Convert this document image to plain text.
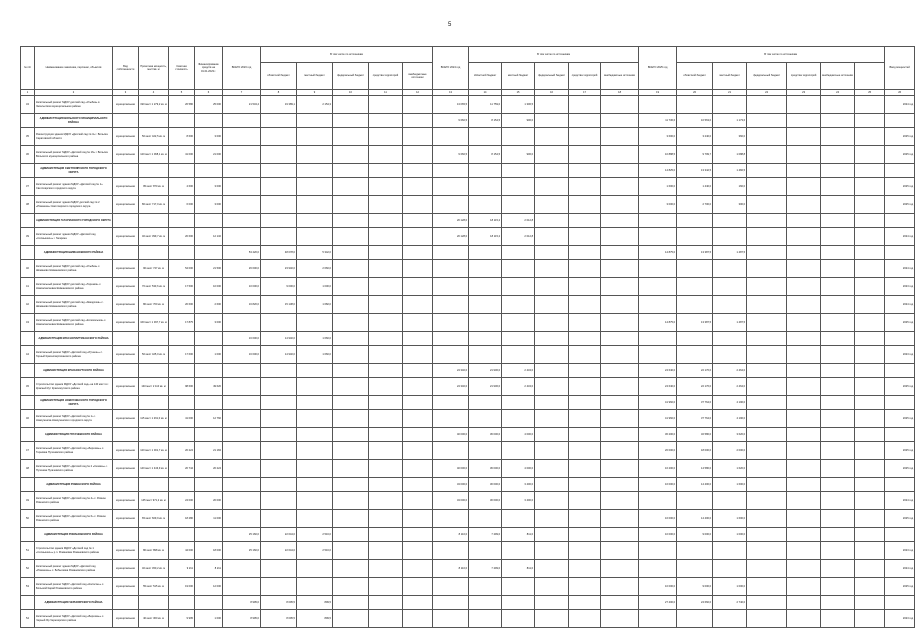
5
№ п/п	Наименование заказчика, персонал, объектов	Вид собственности	Проектная мощность, мест/кв. м	Сметная стоимость	Финансирование средств на 01.01.2023 г.	ВСЕГО 2023 год	В том числе по источникам					ВСЕГО 2024 год	В том числе по источникам					ВСЕГО 2025 год	В том числе по источникам						Ввод мощностей
							областной бюджет	местный бюджет	федеральный бюджет	средства территорий	внебюджетные источники		областной бюджет	местный бюджет	федеральный бюджет	средства территорий	внебюджетные источники		областной бюджет	местный бюджет	федеральный бюджет	средства территорий	внебюджетные источники		
1	2	3	4	5	6	7	8	9	10	11	12	13	14	15	16	17	18	19	20	21	22	23	24	25	26
34	Капитальный ремонт МДОУ детский сад «Улыбка» в Энгельсском муниципальном районе	муниципальная	190 мест 1 279,2 кв. м	26 580	25 000	21 543,4	19 389,1	2 154,3				13 065,5	11 759,0	1 306,5											2024 год
	АДМИНИСТРАЦИЯ ВОЛЬСКОГО МУНИЦИПАЛЬНОГО РАЙОНА											9 060,5	8 154,5	906,0				11 736,6	10 563,0	1 173,6					
35	Реконструкция здания МДОУ «Детский сад № 3» г. Вольска Саратовской области	муниципальная	50 мест 422,5 кв. м	8 600	3 000													3 600,0	3 240,0	360,0					2025 год
36	Капитальный ремонт МДОУ «Детский сад № 16» г. Вольска Вольского муниципального района	муниципальная	120 мест 1 068,1 кв. м	41 000	21 000							9 060,5	8 154,5	906,0				10 888,5	9 799,7	1 088,8					2025 год
	АДМИНИСТРАЦИЯ СВЕТЛОЯРСКОГО ГОРОДСКОГО ОКРУГА																	14 825,0	13 342,5	1 482,5					
37	Капитальный ремонт здания МДОУ «Детский сад № 1» Светлоярского городского округа	муниципальная	95 мест 870 кв. м	4 600	3 000													1 600,0	1 440,0	160,0					2025 год
38	Капитальный ремонт здания МДОУ детский сад № 2 «Ромашка» Светлоярского городского округа	муниципальная	80 мест 717,0 кв. м	6 000	3 000													3 000,0	2 700,0	300,0					2025 год
	АДМИНИСТРАЦИЯ ГАГАРИНСКОГО ГОРОДСКОГО ОКРУГА											20 128,0	18 115,2	2 012,8											
39	Капитальный ремонт здания МДОУ «Детский сад «Солнышко»» г. Гагарина	муниципальная	40 мест 399,7 кв. м	20 600	12 132							20 128,0	18 115,2	2 012,8											2024 год
	АДМИНИСТРАЦИЯ ШИМАНОВСКОГО РАЙОНА					53 420,0	48 078,0	5 342,0										14 875,0	13 387,5	1 487,5					
40	Капитальный ремонт МДОУ детский сад «Улыбка» с. Шиманово Шимановского района	муниципальная	90 мест 747 кв. м	54 000	21 500	26 600,0	23 940,0	2 660,0																	2024 год
41	Капитальный ремонт МДОУ детский сад «Теремок» с. Новоалексеевка Шимановского района	муниципальная	70 мест 533,6 кв. м	17 500	10 000	10 000,0	9 000,0	1 000,0																	2023 год
42	Капитальный ремонт МДОУ детский сад «Звездочка» с. Шиманово Шимановского района	муниципальная	80 мест 700 кв. м	20 600	2 600	16 820,0	15 138,0	1 682,0																	2024 год
43	Капитальный ремонт МДОУ детский сад «Колокольчик» с. Новоалексеевка Шимановского района	муниципальная	160 мест 1 397,7 кв. м	17 875	3 000													14 875,0	13 387,5	1 487,5					2025 год
	АДМИНИСТРАЦИЯ КРАСНОПАРТИЗАНСКОГО РАЙОНА					16 600,0	14 940,0	1 660,0																	
44	Капитальный ремонт МДОУ «Детский сад «Ручеек»» с. Горный Краснопартизанского района	муниципальная	50 мест 425,0 кв. м	17 600	1 000	16 600,0	14 940,0	1 660,0																	2023 год
	АДМИНИСТРАЦИЯ КРАСНОКУТСКОГО РАЙОНА											24 340,0	21 906,0	2 434,0				24 640,0	22 176,0	2 464,0					
45	Строительство здания МДОУ «Детский сад» на 140 мест в г. Красный Кут Краснокутского района	муниципальная	140 мест 2 110 кв. м	98 600	49 620							24 340,0	21 906,0	2 434,0				24 640,0	22 176,0	2 464,0					2025 год
	АДМИНИСТРАЦИЯ НОВОУЗЕНСКОГО ГОРОДСКОГО ОКРУГА																	41 960,0	37 764,0	4 196,0					
46	Капитальный ремонт МДОУ «Детский сад № 1» г. Новоузенска Новоузенского городского округа	муниципальная	115 мест 1 261,0 кв. м	41 000	12 760													41 960,0	37 764,0	4 196,0					2025 год
	АДМИНИСТРАЦИЯ ПУГАЧЕВСКОГО РАЙОНА											40 000,0	36 000,0	4 000,0				36 200,0	32 580,0	3 620,0					
47	Капитальный ремонт МДОУ «Детский сад «Березка»» с. Терновка Пугачевского района	муниципальная	120 мест 1 001,7 кв. м	20 224	21 184													20 000,0	18 000,0	2 000,0					2025 год
48	Капитальный ремонт МДОУ «Детский сад № 2 «Сказка»» г. Пугачева Пугачевского района	муниципальная	140 мест 1 443,9 кв. м	20 744	20 224							40 000,0	36 000,0	4 000,0				16 200,0	14 580,0	1 620,0					2025 год
	АДМИНИСТРАЦИЯ РОВЕНСКОГО РАЙОНА											34 000,0	30 600,0	3 400,0				16 000,0	14 400,0	1 600,0					
49	Капитальный ремонт МДОУ «Детский сад № 4» с. Ровное Ровенского района	муниципальная	145 мест 971,2 кв. м	24 000	20 000							34 000,0	30 600,0	3 400,0											2024 год
50	Капитальный ремонт МДОУ «Детский сад № 6» с. Ровное Ровенского района	муниципальная	65 мест 609,9 кв. м	18 280	11 000													16 000,0	14 400,0	1 600,0					2025 год
	АДМИНИСТРАЦИЯ РОМАНОВСКОГО РАЙОНА					25 160,0	22 644,0	2 516,0				8 110,0	7 299,0	811,0				10 000,0	9 000,0	1 000,0					
51	Строительство здания МДОУ «Детский сад № 1 «Солнышко»» р.п. Романовка Романовского района	муниципальная	80 мест 898 кв. м	44 000	18 000	25 160,0	22 644,0	2 516,0																	2023 год
52	Капитальный ремонт здания МДОУ «Детский сад «Ромашка»» с. Бобылевка Романовского района	муниципальная	40 мест 450,2 кв. м	9 211	8 211							8 110,0	7 299,0	811,0											2024 год
53	Капитальный ремонт МДОУ «Детский сад «Колосок»» с. Большой Карай Романовского района	муниципальная	55 мест 515 кв. м	19 000	12 000													10 000,0	9 000,0	1 000,0					2025 год
	АДМИНИСТРАЦИЯ ЧЕРНОЯРСКОГО РАЙОНА					8 995,0	8 095,5	899,5										27 400,0	24 660,0	2 740,0					
54	Капитальный ремонт МДОУ «Детский сад «Березка»» с. Черный Яр Черноярского района	муниципальная	40 мест 360 кв. м	9 995	1 000	8 995,0	8 095,5	899,5																	2023 год
